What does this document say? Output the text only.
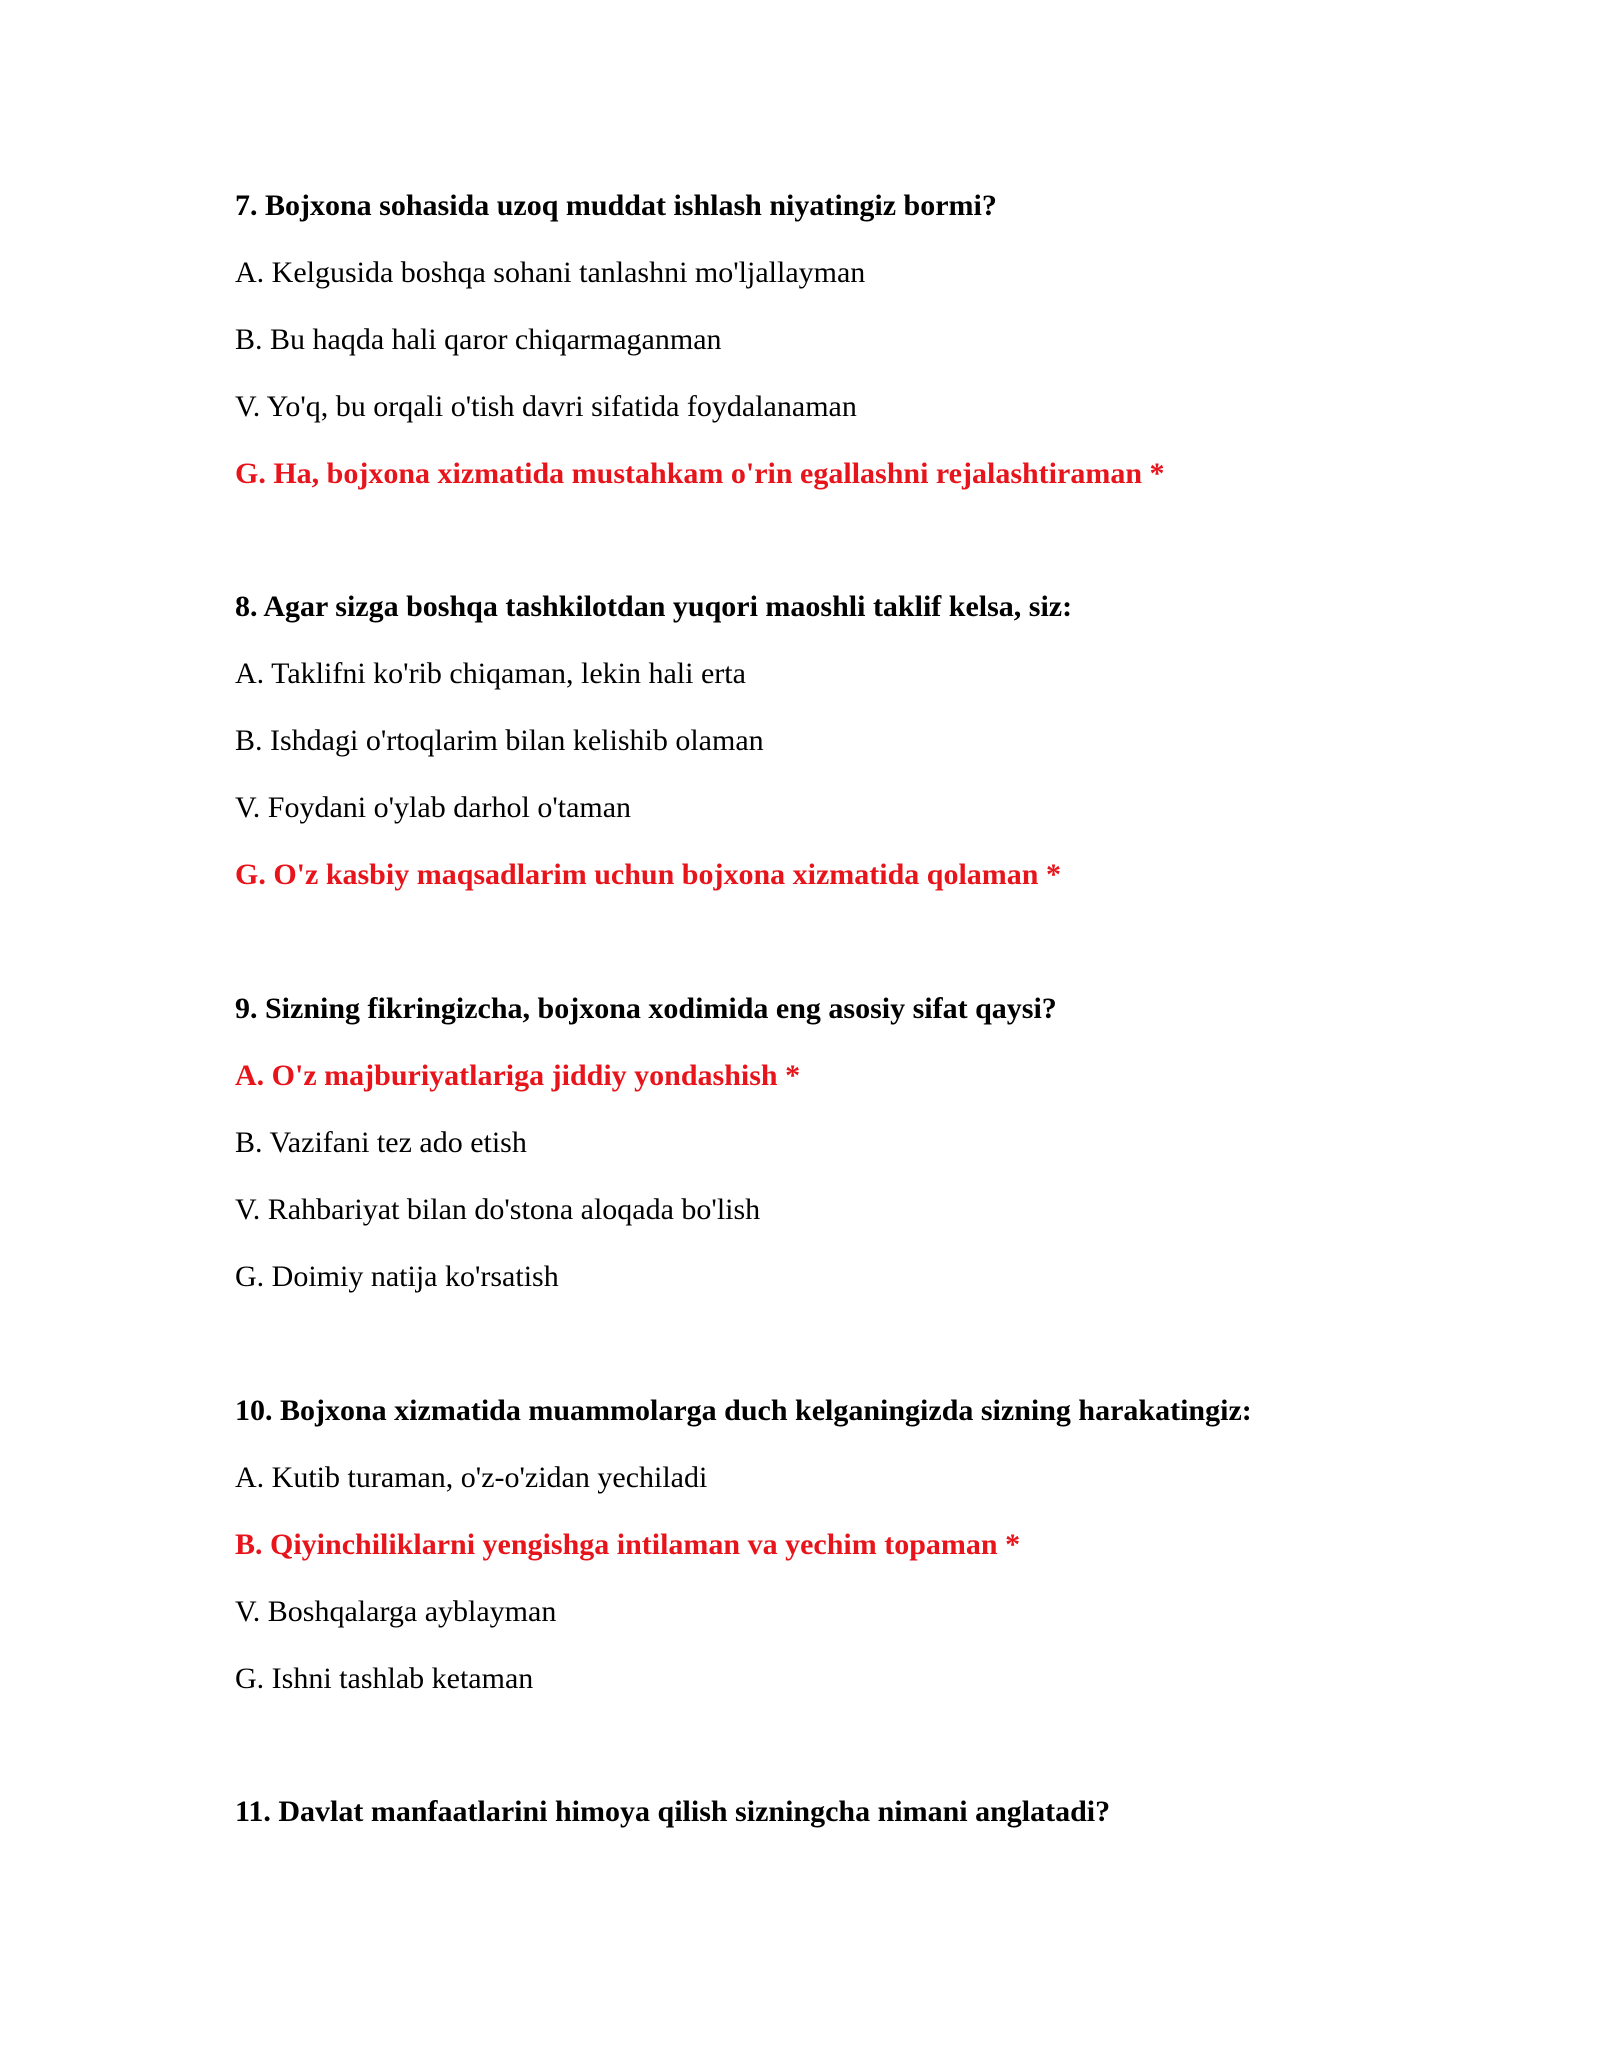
7. Bojxona sohasida uzoq muddat ishlash niyatingiz bormi?

A. Kelgusida boshqa sohani tanlashni mo'ljallayman

B. Bu haqda hali qaror chiqarmaganman

V. Yo'q, bu orqali o'tish davri sifatida foydalanaman

G. Ha, bojxona xizmatida mustahkam o'rin egallashni rejalashtiraman *

8. Agar sizga boshqa tashkilotdan yuqori maoshli taklif kelsa, siz:

A. Taklifni ko'rib chiqaman, lekin hali erta

B. Ishdagi o'rtoqlarim bilan kelishib olaman

V. Foydani o'ylab darhol o'taman

G. O'z kasbiy maqsadlarim uchun bojxona xizmatida qolaman *

9. Sizning fikringizcha, bojxona xodimida eng asosiy sifat qaysi?

A. O'z majburiyatlariga jiddiy yondashish *

B. Vazifani tez ado etish

V. Rahbariyat bilan do'stona aloqada bo'lish

G. Doimiy natija ko'rsatish

10. Bojxona xizmatida muammolarga duch kelganingizda sizning harakatingiz:

A. Kutib turaman, o'z-o'zidan yechiladi

B. Qiyinchiliklarni yengishga intilaman va yechim topaman *

V. Boshqalarga ayblayman

G. Ishni tashlab ketaman

11. Davlat manfaatlarini himoya qilish sizningcha nimani anglatadi?
